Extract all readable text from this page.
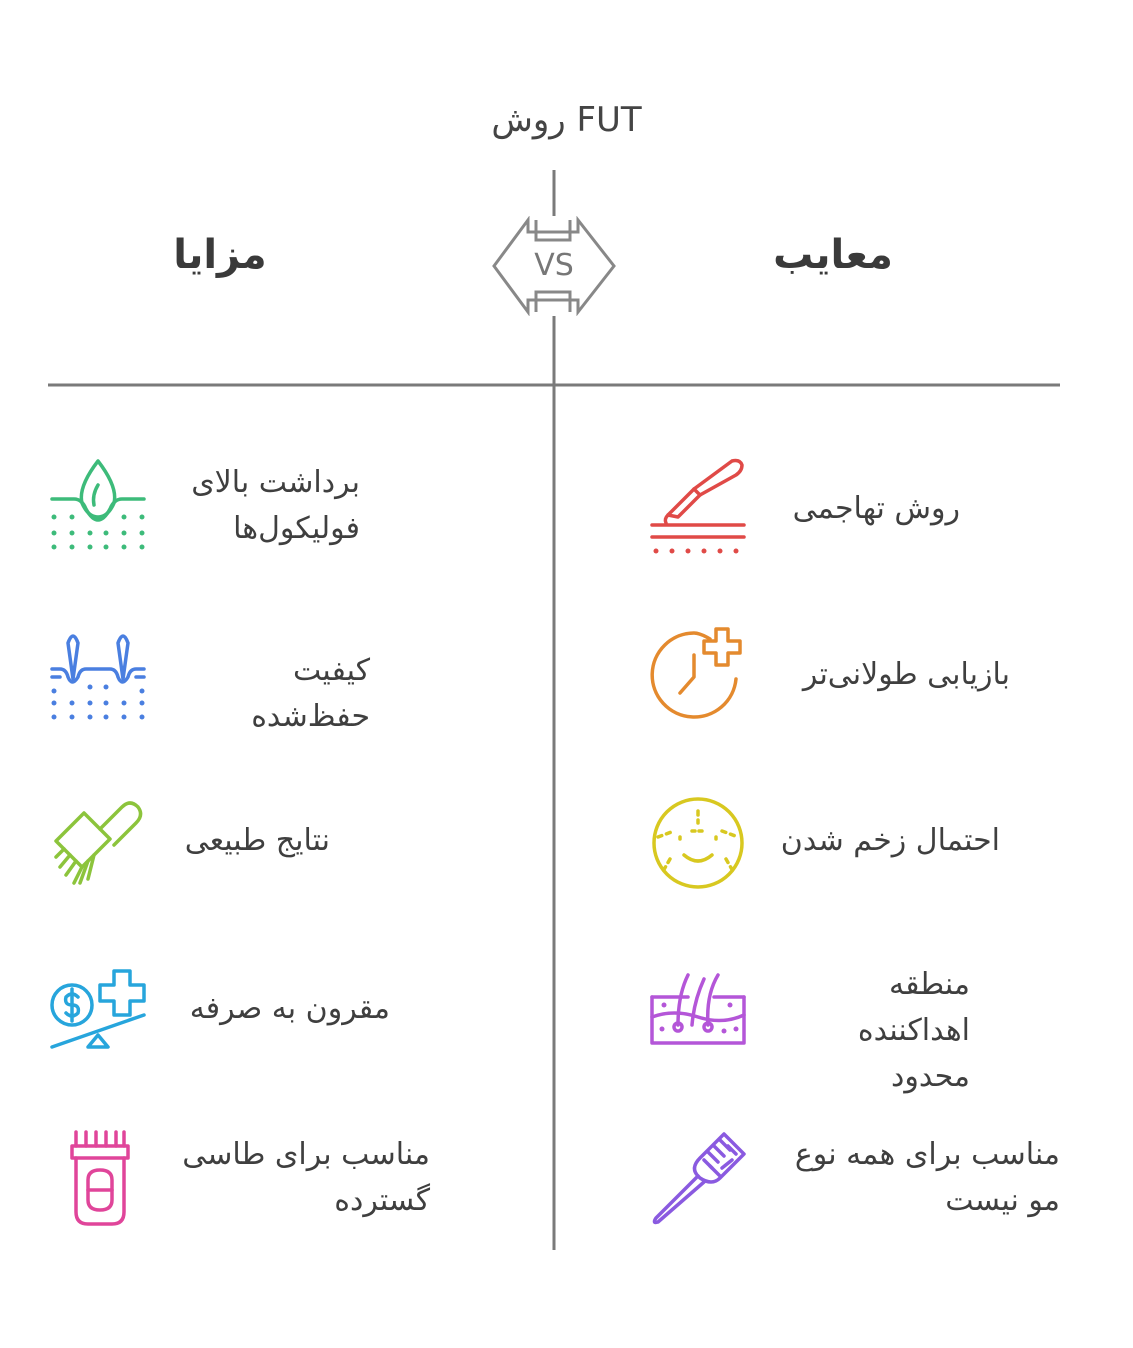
روش FUT
مزایا	معایب
VS
برداشت بالای فولیکول‌ها
کیفیت حفظ‌شده
نتایج طبیعی
مقرون به صرفه
مناسب برای طاسی گسترده
روش تهاجمی
بازیابی طولانی‌تر
احتمال زخم شدن
منطقه اهداکننده محدود
مناسب برای همه نوع مو نیست
